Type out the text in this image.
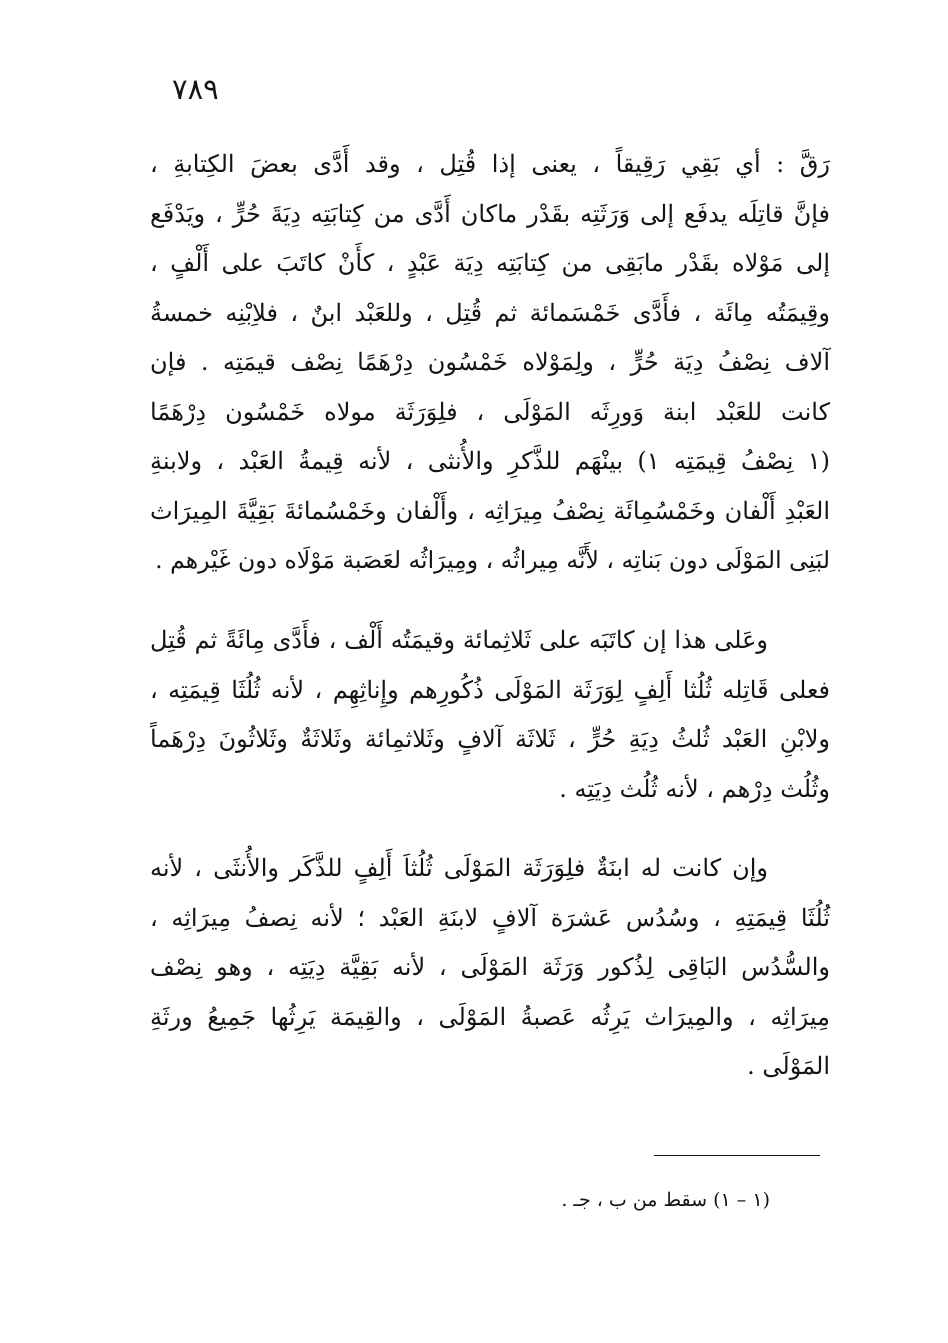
٧٨٩
رَقَّ : أي بَقِي رَقِيقاً ، يعنى إذا قُتِل ، وقد أَدَّى بعضَ الكِتابةِ ،
فإنَّ قاتِلَه يدفَع إلى وَرَثَتِه بقَدْر ماكان أَدَّى من كِتابَتِه دِيَةَ حُرٍّ ، ويَدْفَع
إلى مَوْلاه بقَدْر مابَقِى من كِتابَتِه دِيَة عَبْدٍ ، كأَنْ كاتَبَ على أَلْفٍ ،
وقِيمَتُه مِائَة ، فأَدَّى خَمْسَمائة ثم قُتِل ، وللعَبْد ابنٌ ، فلاِبْنِه خمسةُ
آلاف نِصْفُ دِيَة حُرٍّ ، ولِمَوْلاه خَمْسُون دِرْهَمًا نِصْف قيمَتِه . فإن
كانت للعَبْد ابنة وَورِثَه المَوْلَى ، فلِوَرَثَة مولاه خَمْسُون دِرْهَمًا
(١ نِصْفُ قِيمَتِه ١) بينْهَم للذَّكرِ والأُنثى ، لأنه قِيمةُ العَبْد ، ولابنةِ
العَبْدِ أَلْفان وخَمْسُمِائَة نِصْفُ مِيرَاثِه ، وأَلْفان وخَمْسُمائةَ بَقِيَّةَ المِيرَاث
لبَنِى المَوْلَى دون بَناتِه ، لأَنَّه مِيراثُه ، ومِيرَاثُه لعَصَبة مَوْلَاه دون غَيْرهم .
وعَلى هذا إن كاتَبَه على ثَلاثِمائة وقيمَتُه أَلْف ، فأَدَّى مِائَةً ثم قُتِل
فعلى قَاتِله ثُلُثا أَلِفٍ لِوَرَثَة المَوْلَى ذُكُورِهم وإِناثِهِم ، لأنه ثُلُثَا قِيمَتِه ،
ولابْنِ العَبْد ثُلثُ دِيَةِ حُرٍّ ، ثَلاثَة آلافٍ وثَلاثمِائة وثَلاثَةٌ وثَلاثُونَ دِرْهَماً
وثُلُث دِرْهم ، لأنه ثُلُث دِيَتِه .
وإن كانت له ابنَةٌ فلِوَرَثَة المَوْلَى ثُلُثاَ أَلِفٍ للذَّكَر والأُنثَى ، لأنه
ثُلُثَا قِيمَتِهِ ، وسُدُس عَشرَة آلافٍ لابنَةِ العَبْد ؛ لأنه نِصفُ مِيرَاثِه ،
والسُّدُس البَاقِى لِذُكور وَرَثَة المَوْلَى ، لأنه بَقِيَّة دِيَتِه ، وهو نِصْف
مِيرَاثِه ، والمِيرَاث يَرِثُه عَصبةُ المَوْلَى ، والقِيمَة يَرِثُها جَمِيعُ ورثَةِ
المَوْلَى .
(١ – ١) سقط من ب ، جـ .
